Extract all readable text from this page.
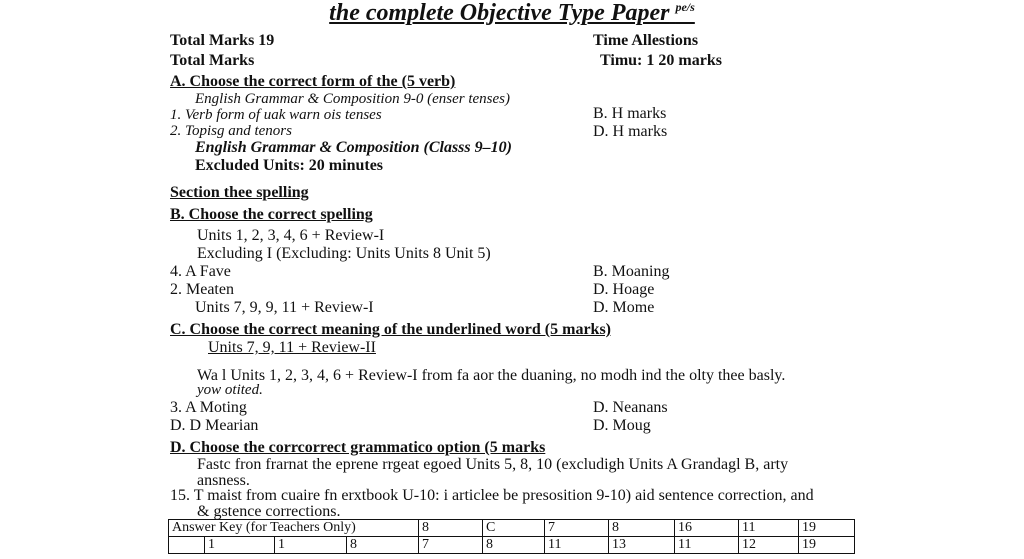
the complete Objective Type Paper $^{pe/s}$
Total Marks 19
Total Marks
Time Allestions
Timu: 1 20 marks
A. Choose the correct form of the (5 verb)
English Grammar & Composition 9-0 (enser tenses)
1. Verb form of uak warn ois tenses
2. Topisg and tenors
B. H marks
D. H marks
English Grammar & Composition (Classs 9–10)
Excluded Units: 20 minutes
Section thee spelling
B. Choose the correct spelling
Units 1, 2, 3, 4, 6 + Review-I
Excluding I (Excluding: Units Units 8 Unit 5)
4. A Fave
2. Meaten
Units 7, 9, 9, 11 + Review-I
B. Moaning
D. Hoage
D. Mome
C. Choose the correct meaning of the underlined word (5 marks)
Units 7, 9, 11 + Review-II
Wa l Units 1, 2, 3, 4, 6 + Review-I from fa aor the duaning, no modh ind the olty thee basly.
yow otited.
3. A Moting
D. D Mearian
D. Neanans
D. Moug
D. Choose the corrcorrect grammatico option (5 marks
Fastc fron frarnat the eprene rrgeat egoed Units 5, 8, 10 (excludigh Units A Grandagl B, arty
ansness.
15. T maist from cuaire fn erxtbook U-10: i articlee be presosition 9-10) aid sentence correction, and
& gstence corrections.
Answer Key (for Teachers Only)				8	C	7	8	16	11	19
	1	1	8	7	8	11	13	11	12	19
